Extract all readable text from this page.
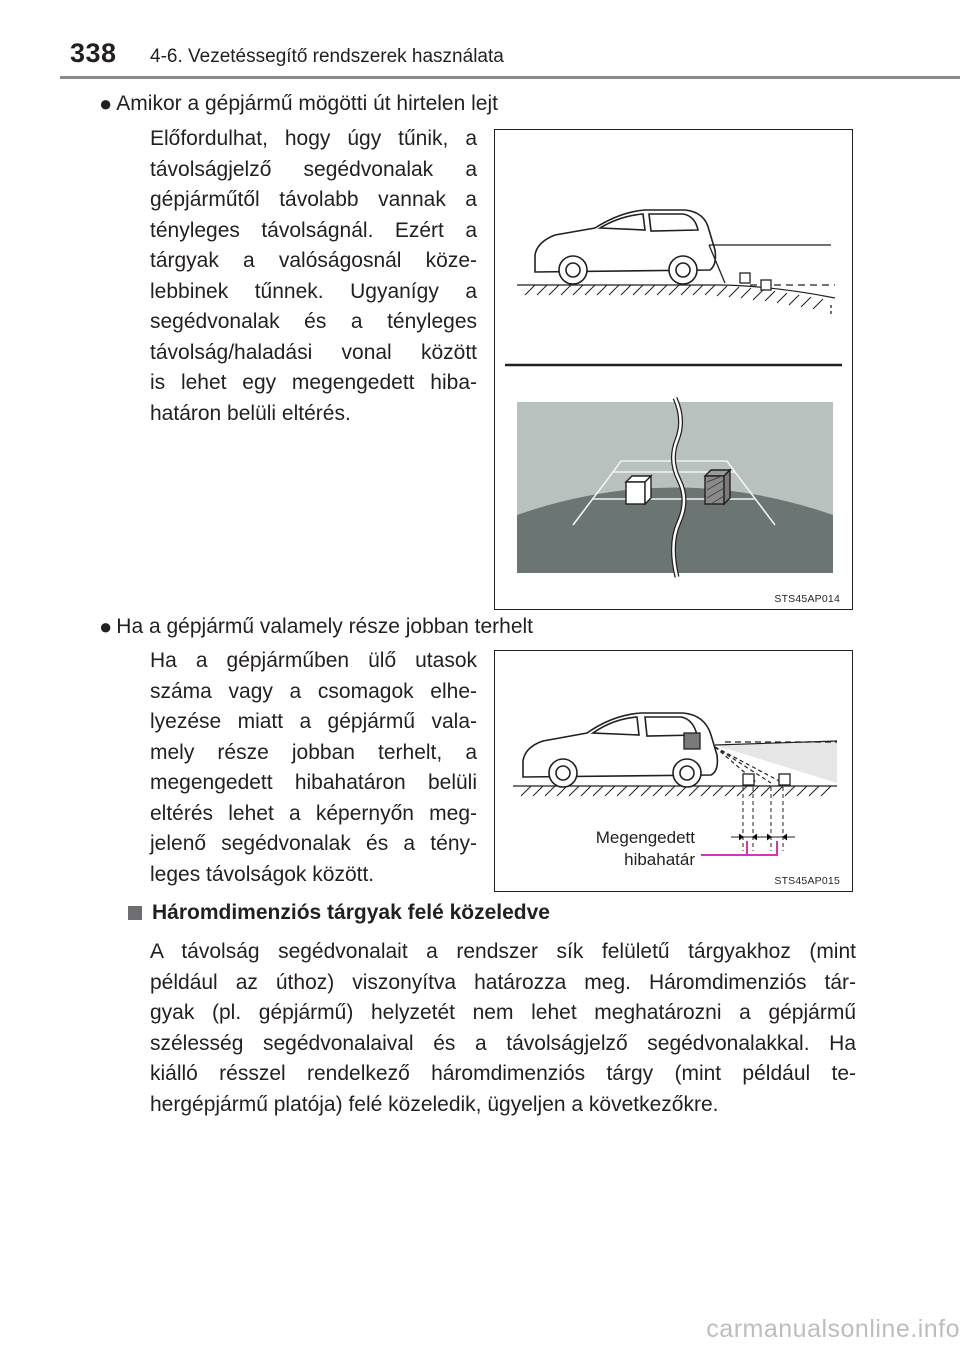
338 4-6. Vezetéssegítő rendszerek használata
● Amikor a gépjármű mögötti út hirtelen lejt
Előfordulhat, hogy úgy tűnik, a
távolságjelző segédvonalak a
gépjárműtől távolabb vannak a
tényleges távolságnál. Ezért a
tárgyak a valóságosnál köze-
lebbinek tűnnek. Ugyanígy a
segédvonalak és a tényleges
távolság/haladási vonal között
is lehet egy megengedett hiba-
határon belüli eltérés.
STS45AP014
● Ha a gépjármű valamely része jobban terhelt
Ha a gépjárműben ülő utasok
száma vagy a csomagok elhe-
lyezése miatt a gépjármű vala-
mely része jobban terhelt, a
megengedett hibahatáron belüli
eltérés lehet a képernyőn meg-
jelenő segédvonalak és a tény-
leges távolságok között.
Megengedett
hibahatár
STS45AP015
Háromdimenziós tárgyak felé közeledve
A távolság segédvonalait a rendszer sík felületű tárgyakhoz (mint
például az úthoz) viszonyítva határozza meg. Háromdimenziós tár-
gyak (pl. gépjármű) helyzetét nem lehet meghatározni a gépjármű
szélesség segédvonalaival és a távolságjelző segédvonalakkal. Ha
kiálló résszel rendelkező háromdimenziós tárgy (mint például te-
hergépjármű platója) felé közeledik, ügyeljen a következőkre.
carmanualsonline.info
